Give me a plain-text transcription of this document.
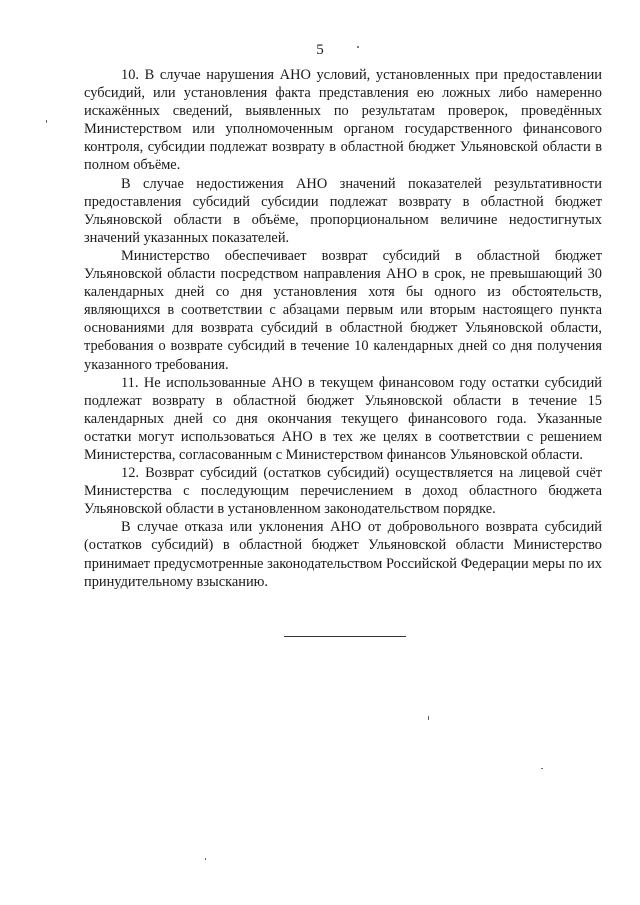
5

10. В случае нарушения АНО условий, установленных при предоставлении субсидий, или установления факта представления ею ложных либо намеренно искажённых сведений, выявленных по результатам проверок, проведённых Министерством или уполномоченным органом государственного финансового контроля, субсидии подлежат возврату в областной бюджет Ульяновской области в полном объёме.

В случае недостижения АНО значений показателей результативности предоставления субсидий субсидии подлежат возврату в областной бюджет Ульяновской области в объёме, пропорциональном величине недостигнутых значений указанных показателей.

Министерство обеспечивает возврат субсидий в областной бюджет Ульяновской области посредством направления АНО в срок, не превышающий 30 календарных дней со дня установления хотя бы одного из обстоятельств, являющихся в соответствии с абзацами первым или вторым настоящего пункта основаниями для возврата субсидий в областной бюджет Ульяновской области, требования о возврате субсидий в течение 10 календарных дней со дня получения указанного требования.

11. Не использованные АНО в текущем финансовом году остатки субсидий подлежат возврату в областной бюджет Ульяновской области в течение 15 календарных дней со дня окончания текущего финансового года. Указанные остатки могут использоваться АНО в тех же целях в соответствии с решением Министерства, согласованным с Министерством финансов Ульяновской области.

12. Возврат субсидий (остатков субсидий) осуществляется на лицевой счёт Министерства с последующим перечислением в доход областного бюджета Ульяновской области в установленном законодательством порядке.

В случае отказа или уклонения АНО от добровольного возврата субсидий (остатков субсидий) в областной бюджет Ульяновской области Министерство принимает предусмотренные законодательством Российской Федерации меры по их принудительному взысканию.
